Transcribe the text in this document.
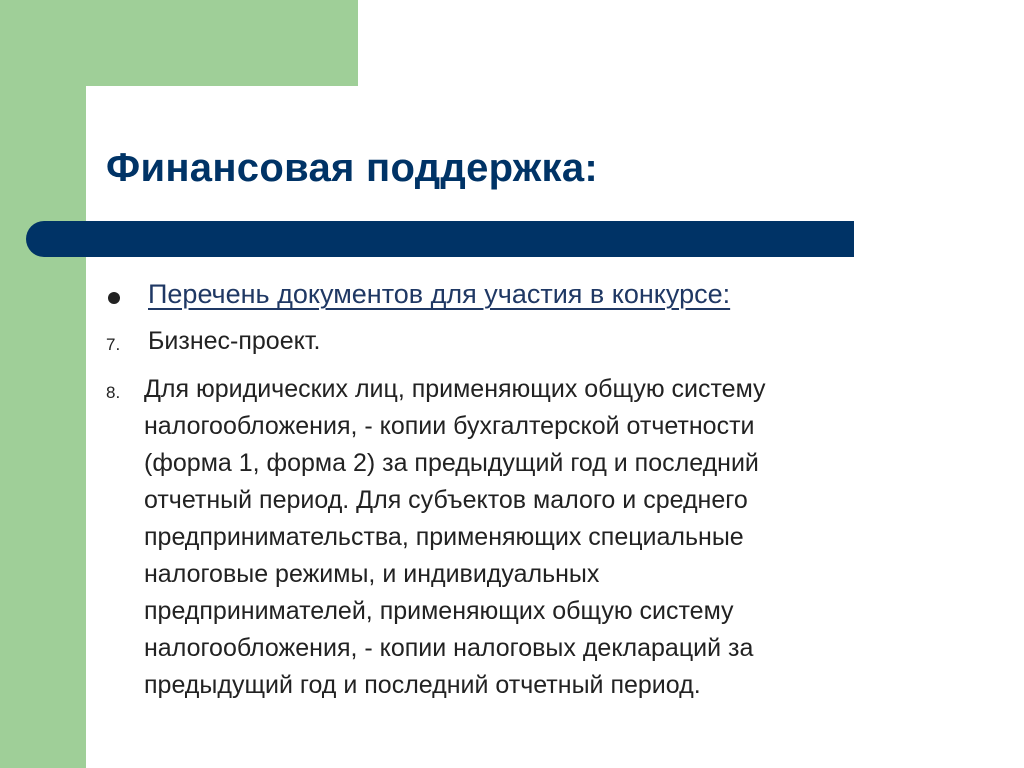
Финансовая поддержка:
Перечень документов для участия в конкурсе:
7.	Бизнес-проект.
8. Для юридических лиц, применяющих общую систему
налогообложения, - копии бухгалтерской отчетности
(форма 1, форма 2) за предыдущий год и последний
отчетный период. Для субъектов малого и среднего
предпринимательства, применяющих специальные
налоговые режимы, и индивидуальных
предпринимателей, применяющих общую систему
налогообложения, - копии налоговых деклараций за
предыдущий год и последний отчетный период.
